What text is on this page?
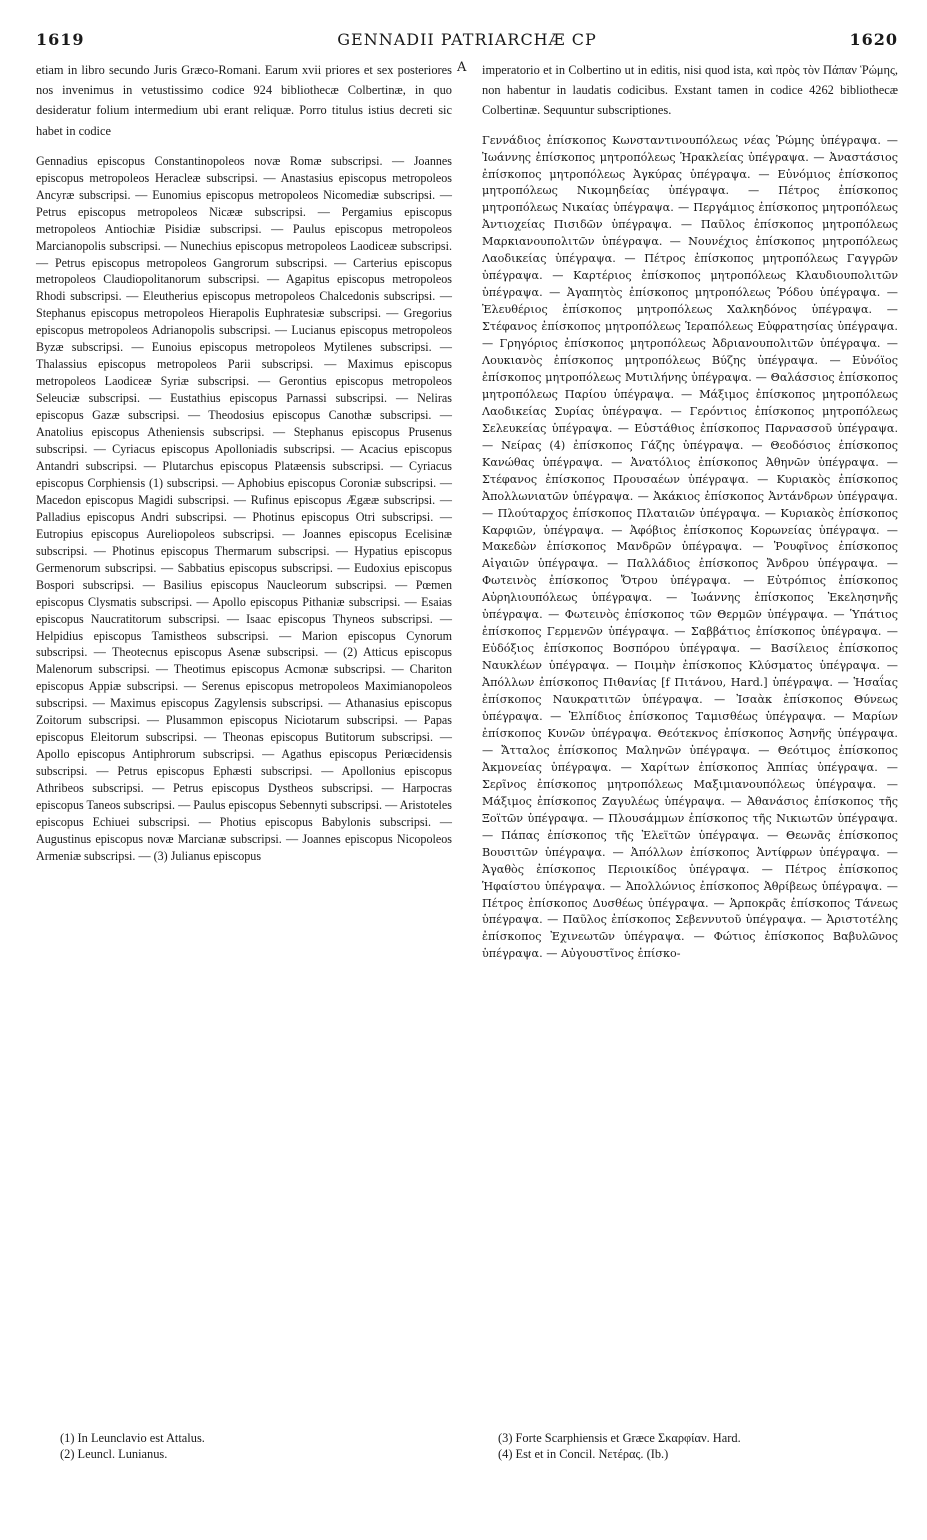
1619	GENNADII PATRIARCHÆ CP	1620
A

etiam in libro secundo Juris Græco-Romani. Earum xvii priores et sex posteriores nos invenimus in vetustissimo codice 924 bibliothecæ Colbertinæ, in quo desideratur folium intermedium ubi erant reliquæ. Porro titulus istius decreti sic habet in codice

Gennadius episcopus Constantinopoleos novæ Romæ subscripsi. — Joannes episcopus metropoleos Heracleæ subscripsi. — Anastasius episcopus metropoleos Ancyræ subscripsi. — Eunomius episcopus metropoleos Nicomediæ subscripsi. — Petrus episcopus metropoleos Nicææ subscripsi. — Pergamius episcopus metropoleos Antiochiæ Pisidiæ subscripsi. — Paulus episcopus metropoleos Marcianopolis subscripsi. — Nunechius episcopus metropoleos Laodiceæ subscripsi. — Petrus episcopus metropoleos Gangrorum subscripsi. — Carterius episcopus metropoleos Claudiopolitanorum subscripsi. — Agapitus episcopus metropoleos Rhodi subscripsi. — Eleutherius episcopus metropoleos Chalcedonis subscripsi. — Stephanus episcopus metropoleos Hierapolis Euphratesiæ subscripsi. — Gregorius episcopus metropoleos Adrianopolis subscripsi. — Lucianus episcopus metropoleos Byzæ subscripsi. — Eunoius episcopus metropoleos Mytilenes subscripsi. — Thalassius episcopus metropoleos Parii subscripsi. — Maximus episcopus metropoleos Laodiceæ Syriæ subscripsi. — Gerontius episcopus metropoleos Seleuciæ subscripsi. — Eustathius episcopus Parnassi subscripsi. — Neliras episcopus Gazæ subscripsi. — Theodosius episcopus Canothæ subscripsi. — Anatolius episcopus Atheniensis subscripsi. — Stephanus episcopus Prusenus subscripsi. — Cyriacus episcopus Apolloniadis subscripsi. — Acacius episcopus Antandri subscripsi. — Plutarchus episcopus Platæensis subscripsi. — Cyriacus episcopus Corphiensis (1) subscripsi. — Aphobius episcopus Coroniæ subscripsi. — Macedon episcopus Magidi subscripsi. — Rufinus episcopus Ægææ subscripsi. — Palladius episcopus Andri subscripsi. — Photinus episcopus Otri subscripsi. — Eutropius episcopus Aureliopoleos subscripsi. — Joannes episcopus Ecelisinæ subscripsi. — Photinus episcopus Thermarum subscripsi. — Hypatius episcopus Germenorum subscripsi. — Sabbatius episcopus subscripsi. — Eudoxius episcopus Bospori subscripsi. — Basilius episcopus Naucleorum subscripsi. — Pœmen episcopus Clysmatis subscripsi. — Apollo episcopus Pithaniæ subscripsi. — Esaias episcopus Naucratitorum subscripsi. — Isaac episcopus Thyneos subscripsi. — Helpidius episcopus Tamistheos subscripsi. — Marion episcopus Cynorum subscripsi. — Theotecnus episcopus Asenæ subscripsi. — (2) Atticus episcopus Malenorum subscripsi. — Theotimus episcopus Acmonæ subscripsi. — Chariton episcopus Appiæ subscripsi. — Serenus episcopus metropoleos Maximianopoleos subscripsi. — Maximus episcopus Zagylensis subscripsi. — Athanasius episcopus Zoitorum subscripsi. — Plusammon episcopus Niciotarum subscripsi. — Papas episcopus Eleitorum subscripsi. — Theonas episcopus Butitorum subscripsi. — Apollo episcopus Antiphrorum subscripsi. — Agathus episcopus Periœcidensis subscripsi. — Petrus episcopus Ephæsti subscripsi. — Apollonius episcopus Athribeos subscripsi. — Petrus episcopus Dystheos subscripsi. — Harpocras episcopus Taneos subscripsi. — Paulus episcopus Sebennyti subscripsi. — Aristoteles episcopus Echiuei subscripsi. — Photius episcopus Babylonis subscripsi. — Augustinus episcopus novæ Marcianæ subscripsi. — Joannes episcopus Nicopoleos Armeniæ subscripsi. — (3) Julianus episcopus

imperatorio et in Colbertino ut in editis, nisi quod ista, καὶ πρὸς τὸν Πάπαν Ῥώμης, non habentur in laudatis codicibus. Exstant tamen in codice 4262 bibliothecæ Colbertinæ. Sequuntur subscriptiones.

Γεννάδιος ἐπίσκοπος Κωνσταντινουπόλεως νέας Ῥώμης ὑπέγραψα. — Ἰωάννης ἐπίσκοπος μητροπόλεως Ἡρακλείας ὑπέγραψα. — Ἀναστάσιος ἐπίσκοπος μητροπόλεως Ἀγκύρας ὑπέγραψα. — Εὐνόμιος ἐπίσκοπος μητροπόλεως Νικομηδείας ὑπέγραψα. — Πέτρος ἐπίσκοπος μητροπόλεως Νικαίας ὑπέγραψα. — Περγάμιος ἐπίσκοπος μητροπόλεως Ἀντιοχείας Πισιδῶν ὑπέγραψα. — Παῦλος ἐπίσκοπος μητροπόλεως Μαρκιανουπολιτῶν ὑπέγραψα. — Νουνέχιος ἐπίσκοπος μητροπόλεως Λαοδικείας ὑπέγραψα. — Πέτρος ἐπίσκοπος μητροπόλεως Γαγγρῶν ὑπέγραψα. — Καρτέριος ἐπίσκοπος μητροπόλεως Κλαυδιουπολιτῶν ὑπέγραψα. — Ἀγαπητὸς ἐπίσκοπος μητροπόλεως Ῥόδου ὑπέγραψα. — Ἐλευθέριος ἐπίσκοπος μητροπόλεως Χαλκηδόνος ὑπέγραψα. — Στέφανος ἐπίσκοπος μητροπόλεως Ἱεραπόλεως Εὐφρατησίας ὑπέγραψα. — Γρηγόριος ἐπίσκοπος μητροπόλεως Ἀδριανουπολιτῶν ὑπέγραψα. — Λουκιανὸς ἐπίσκοπος μητροπόλεως Βύζης ὑπέγραψα. — Εὐνόϊος ἐπίσκοπος μητροπόλεως Μυτιλήνης ὑπέγραψα. — Θαλάσσιος ἐπίσκοπος μητροπόλεως Παρίου ὑπέγραψα. — Μάξιμος ἐπίσκοπος μητροπόλεως Λαοδικείας Συρίας ὑπέγραψα. — Γερόντιος ἐπίσκοπος μητροπόλεως Σελευκείας ὑπέγραψα. — Εὐστάθιος ἐπίσκοπος Παρνασσοῦ ὑπέγραψα. — Νείρας (4) ἐπίσκοπος Γάζης ὑπέγραψα. — Θεοδόσιος ἐπίσκοπος Κανώθας ὑπέγραψα. — Ἀνατόλιος ἐπίσκοπος Ἀθηνῶν ὑπέγραψα. — Στέφανος ἐπίσκοπος Προυσαέων ὑπέγραψα. — Κυριακὸς ἐπίσκοπος Ἀπολλωνιατῶν ὑπέγραψα. — Ἀκάκιος ἐπίσκοπος Ἀντάνδρων ὑπέγραψα. — Πλούταρχος ἐπίσκοπος Πλαταιῶν ὑπέγραψα. — Κυριακὸς ἐπίσκοπος Καρφιῶν, ὑπέγραψα. — Ἀφόβιος ἐπίσκοπος Κορωνείας ὑπέγραψα. — Μακεδὼν ἐπίσκοπος Μανδρῶν ὑπέγραψα. — Ῥουφῖνος ἐπίσκοπος Αἰγαιῶν ὑπέγραψα. — Παλλάδιος ἐπίσκοπος Ἄνδρου ὑπέγραψα. — Φωτεινὸς ἐπίσκοπος Ὄτρου ὑπέγραψα. — Εὐτρόπιος ἐπίσκοπος Αὐρηλιουπόλεως ὑπέγραψα. — Ἰωάννης ἐπίσκοπος Ἐκελησηνῆς ὑπέγραψα. — Φωτεινὸς ἐπίσκοπος τῶν Θερμῶν ὑπέγραψα. — Ὑπάτιος ἐπίσκοπος Γερμενῶν ὑπέγραψα. — Σαββάτιος ἐπίσκοπος ὑπέγραψα. — Εὐδόξιος ἐπίσκοπος Βοσπόρου ὑπέγραψα. — Βασίλειος ἐπίσκοπος Ναυκλέων ὑπέγραψα. — Ποιμὴν ἐπίσκοπος Κλύσματος ὑπέγραψα. — Ἀπόλλων ἐπίσκοπος Πιθανίας [f Πιτάνου, Hard.] ὑπέγραψα. — Ἡσαΐας ἐπίσκοπος Ναυκρατιτῶν ὑπέγραψα. — Ἰσαὰκ ἐπίσκοπος Θύνεως ὑπέγραψα. — Ἐλπίδιος ἐπίσκοπος Ταμισθέως ὑπέγραψα. — Μαρίων ἐπίσκοπος Κυνῶν ὑπέγραψα. Θεότεκνος ἐπίσκοπος Ἀσηνῆς ὑπέγραψα. — Ἄτταλος ἐπίσκοπος Μαληνῶν ὑπέγραψα. — Θεότιμος ἐπίσκοπος Ἀκμονείας ὑπέγραψα. — Χαρίτων ἐπίσκοπος Ἀππίας ὑπέγραψα. — Σερῖνος ἐπίσκοπος μητροπόλεως Μαξιμιανουπόλεως ὑπέγραψα. — Μάξιμος ἐπίσκοπος Ζαγυλέως ὑπέγραψα. — Ἀθανάσιος ἐπίσκοπος τῆς Ξοϊτῶν ὑπέγραψα. — Πλουσάμμων ἐπίσκοπος τῆς Νικιωτῶν ὑπέγραψα. — Πάπας ἐπίσκοπος τῆς Ἐλεϊτῶν ὑπέγραψα. — Θεωνᾶς ἐπίσκοπος Βουσιτῶν ὑπέγραψα. — Ἀπόλλων ἐπίσκοπος Ἀντίφρων ὑπέγραψα. — Ἀγαθὸς ἐπίσκοπος Περιοικίδος ὑπέγραψα. — Πέτρος ἐπίσκοπος Ἡφαίστου ὑπέγραψα. — Ἀπολλώνιος ἐπίσκοπος Ἀθρίβεως ὑπέγραψα. — Πέτρος ἐπίσκοπος Δυσθέως ὑπέγραψα. — Ἁρποκρᾶς ἐπίσκοπος Τάνεως ὑπέγραψα. — Παῦλος ἐπίσκοπος Σεβεννυτοῦ ὑπέγραψα. — Ἀριστοτέλης ἐπίσκοπος Ἐχινεωτῶν ὑπέγραψα. — Φώτιος ἐπίσκοπος Βαβυλῶνος ὑπέγραψα. — Αὐγουστῖνος ἐπίσκο-

(1) In Leunclavio est Attalus.

(2) Leuncl. Lunianus.

(3) Forte Scarphiensis et Græce Σκαρφίαν. Hard.

(4) Est et in Concil. Νετέρας. (Ib.)
